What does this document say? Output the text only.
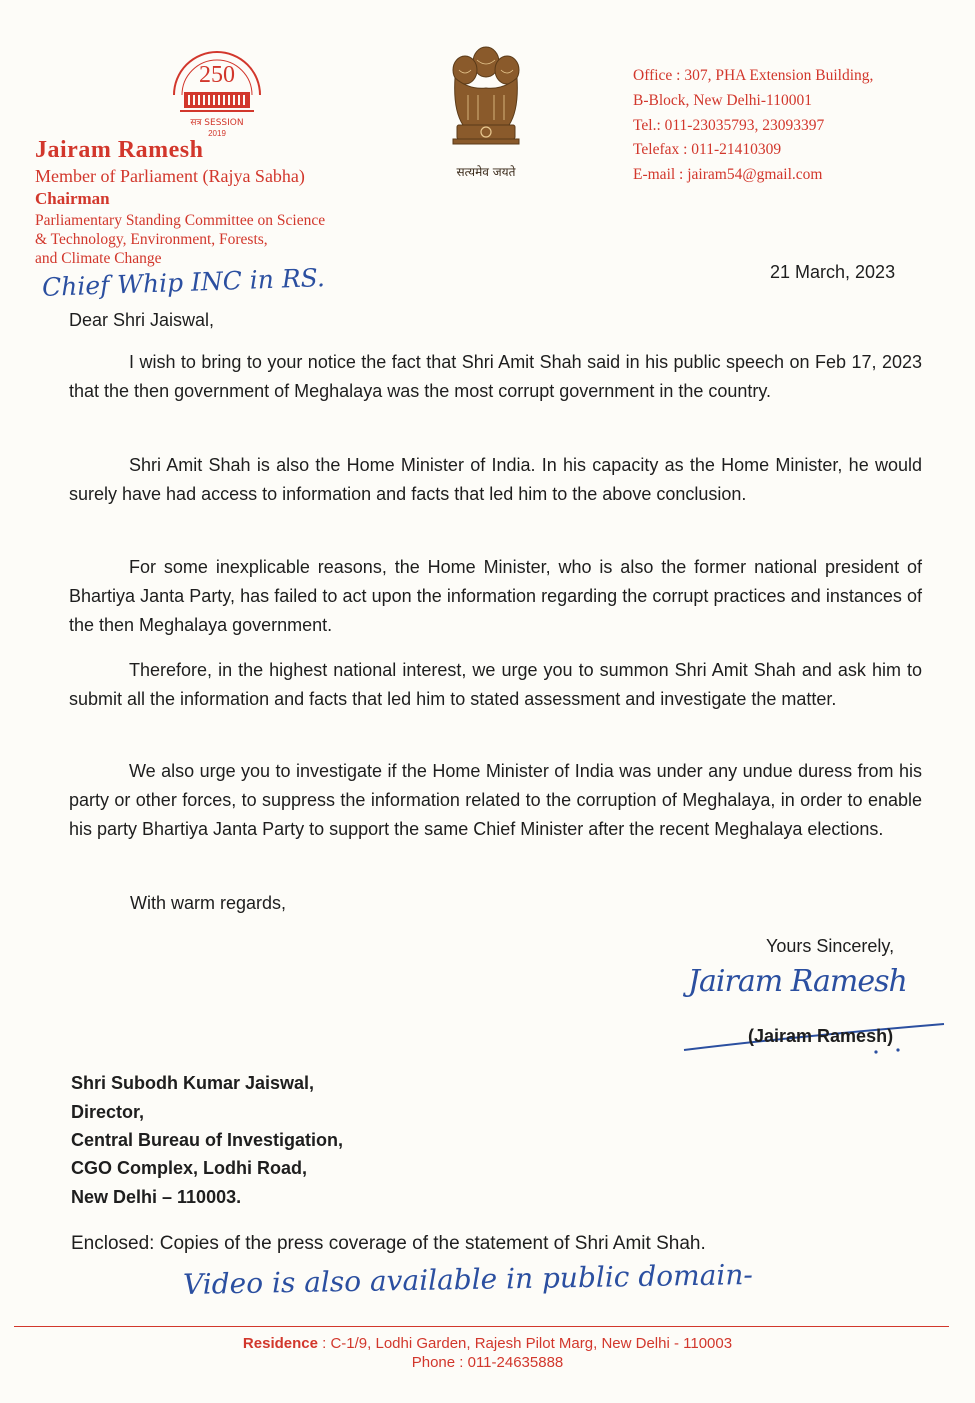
250
सत्र SESSION
2019
Jairam Ramesh
Member of Parliament (Rajya Sabha)
Chairman
Parliamentary Standing Committee on Science
& Technology, Environment, Forests,
and Climate Change
Chief Whip INC in RS.
सत्यमेव जयते
Office : 307, PHA Extension Building,
B-Block, New Delhi-110001
Tel.: 011-23035793, 23093397
Telefax : 011-21410309
E-mail : jairam54@gmail.com
21 March, 2023
Dear Shri Jaiswal,
I wish to bring to your notice the fact that Shri Amit Shah said in his public speech on Feb 17, 2023 that the then government of Meghalaya was the most corrupt government in the country.
Shri Amit Shah is also the Home Minister of India. In his capacity as the Home Minister, he would surely have had access to information and facts that led him to the above conclusion.
For some inexplicable reasons, the Home Minister, who is also the former national president of Bhartiya Janta Party, has failed to act upon the information regarding the corrupt practices and instances of the then Meghalaya government.
Therefore, in the highest national interest, we urge you to summon Shri Amit Shah and ask him to submit all the information and facts that led him to stated assessment and investigate the matter.
We also urge you to investigate if the Home Minister of India was under any undue duress from his party or other forces, to suppress the information related to the corruption of Meghalaya, in order to enable his party Bhartiya Janta Party to support the same Chief Minister after the recent Meghalaya elections.
With warm regards,
Yours Sincerely,
Jairam Ramesh
(Jairam Ramesh)
Shri Subodh Kumar Jaiswal,
Director,
Central Bureau of Investigation,
CGO Complex, Lodhi Road,
New Delhi – 110003.
Enclosed: Copies of the press coverage of the statement of Shri Amit Shah.
Video is also available in public domain-
Residence : C-1/9, Lodhi Garden, Rajesh Pilot Marg, New Delhi - 110003
Phone : 011-24635888
